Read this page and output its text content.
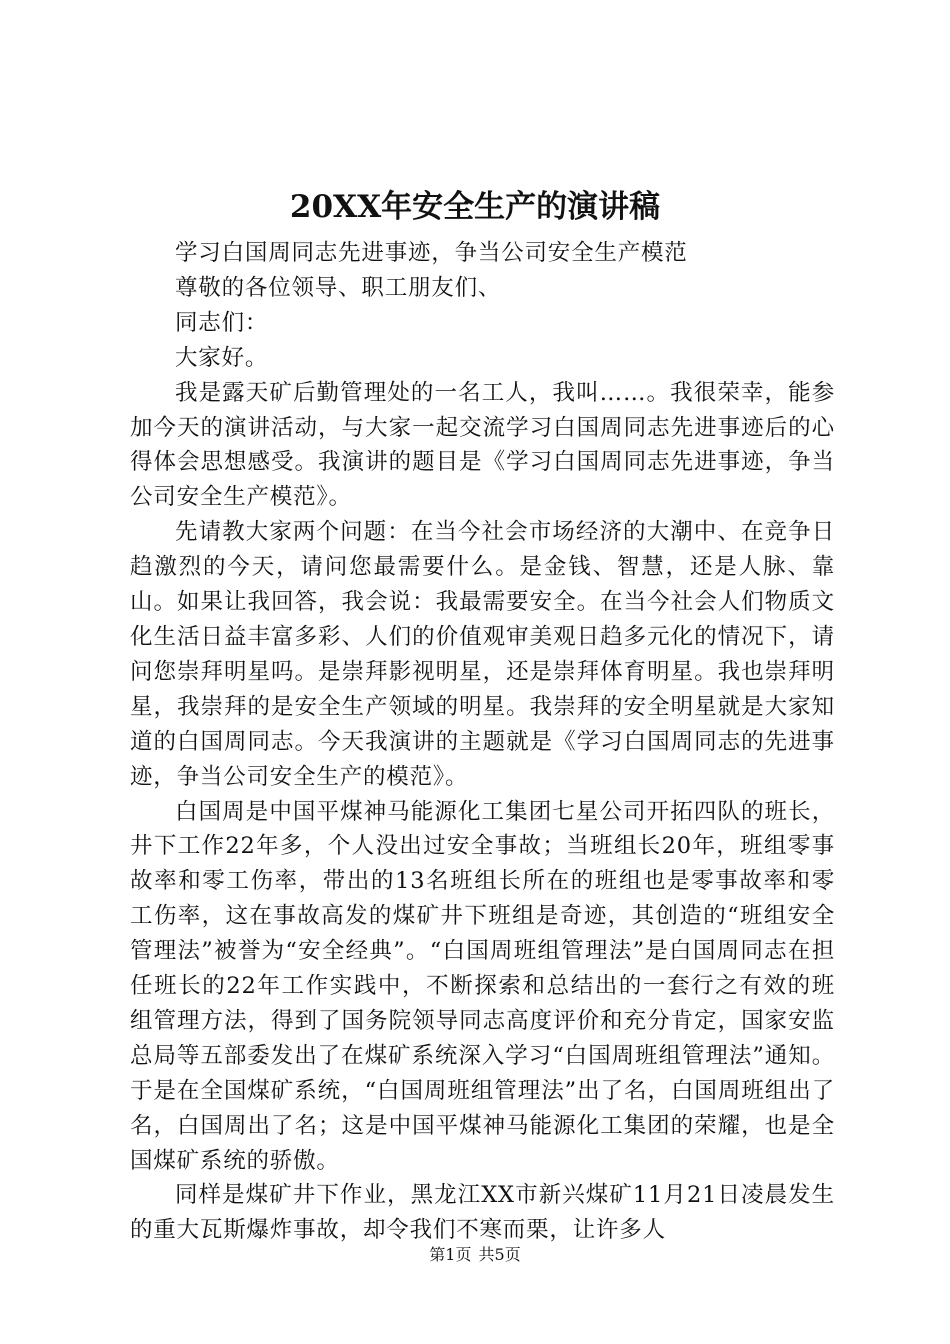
20XX年安全生产的演讲稿

学习白国周同志先进事迹，争当公司安全生产模范

尊敬的各位领导、职工朋友们、

同志们：

大家好。

我是露天矿后勤管理处的一名工人，我叫……。我很荣幸，能参加今天的演讲活动，与大家一起交流学习白国周同志先进事迹后的心得体会思想感受。我演讲的题目是《学习白国周同志先进事迹，争当公司安全生产模范》。

先请教大家两个问题：在当今社会市场经济的大潮中、在竞争日趋激烈的今天，请问您最需要什么。是金钱、智慧，还是人脉、靠山。如果让我回答，我会说：我最需要安全。在当今社会人们物质文化生活日益丰富多彩、人们的价值观审美观日趋多元化的情况下，请问您崇拜明星吗。是崇拜影视明星，还是崇拜体育明星。我也崇拜明星，我崇拜的是安全生产领域的明星。我崇拜的安全明星就是大家知道的白国周同志。今天我演讲的主题就是《学习白国周同志的先进事迹，争当公司安全生产的模范》。

白国周是中国平煤神马能源化工集团七星公司开拓四队的班长，井下工作22年多，个人没出过安全事故；当班组长20年，班组零事故率和零工伤率，带出的13名班组长所在的班组也是零事故率和零工伤率，这在事故高发的煤矿井下班组是奇迹，其创造的“班组安全管理法”被誉为“安全经典”。“白国周班组管理法”是白国周同志在担任班长的22年工作实践中，不断探索和总结出的一套行之有效的班组管理方法，得到了国务院领导同志高度评价和充分肯定，国家安监总局等五部委发出了在煤矿系统深入学习“白国周班组管理法”通知。于是在全国煤矿系统，“白国周班组管理法”出了名，白国周班组出了名，白国周出了名；这是中国平煤神马能源化工集团的荣耀，也是全国煤矿系统的骄傲。

同样是煤矿井下作业，黑龙江XX市新兴煤矿11月21日凌晨发生的重大瓦斯爆炸事故，却令我们不寒而栗，让许多人

第1页 共5页
